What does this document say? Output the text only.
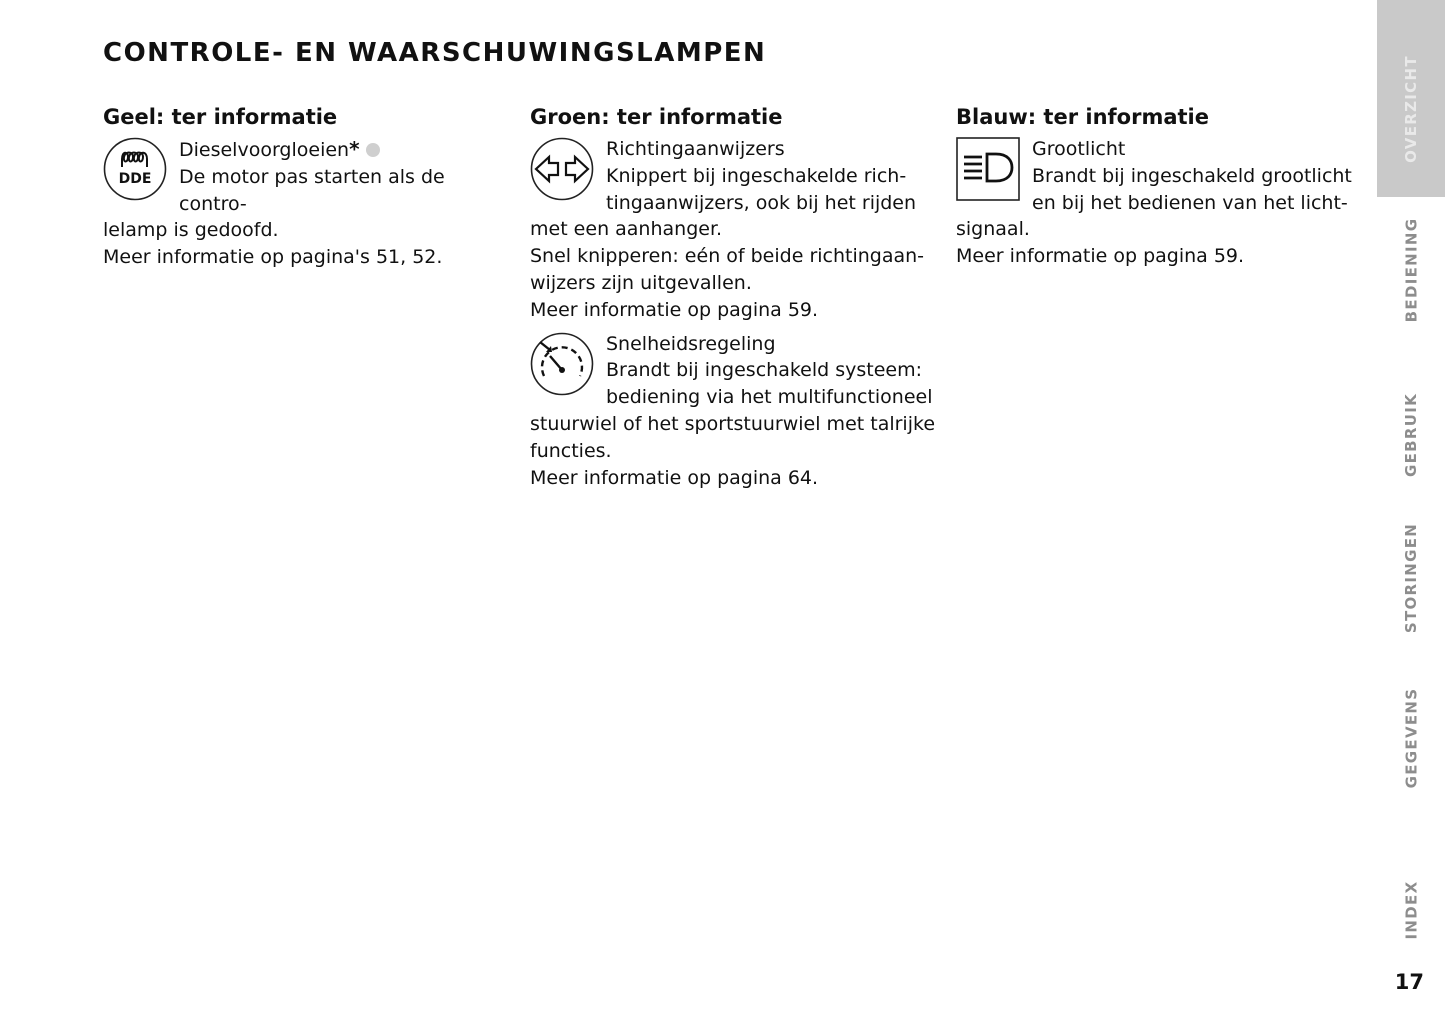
CONTROLE- EN WAARSCHUWINGSLAMPEN
Geel: ter informatie
DDE

Dieselvoorgloeien*

De motor pas starten als de contro-
lelamp is gedoofd.
Meer informatie op pagina's 51, 52.

Groen: ter informatie

Richtingaanwijzers

Knippert bij ingeschakelde rich-
tingaanwijzers, ook bij het rijden
met een aanhanger.
Snel knipperen: eén of beide richtingaan-
wijzers zijn uitgevallen.
Meer informatie op pagina 59.

Snelheidsregeling

Brandt bij ingeschakeld systeem:
bediening via het multifunctioneel
stuurwiel of het sportstuurwiel met talrijke
functies.
Meer informatie op pagina 64.

Blauw: ter informatie

Grootlicht

Brandt bij ingeschakeld grootlicht
en bij het bedienen van het licht-
signaal.
Meer informatie op pagina 59.

OVERZICHT
BEDIENING
GEBRUIK
STORINGEN
GEGEVENS
INDEX
17
